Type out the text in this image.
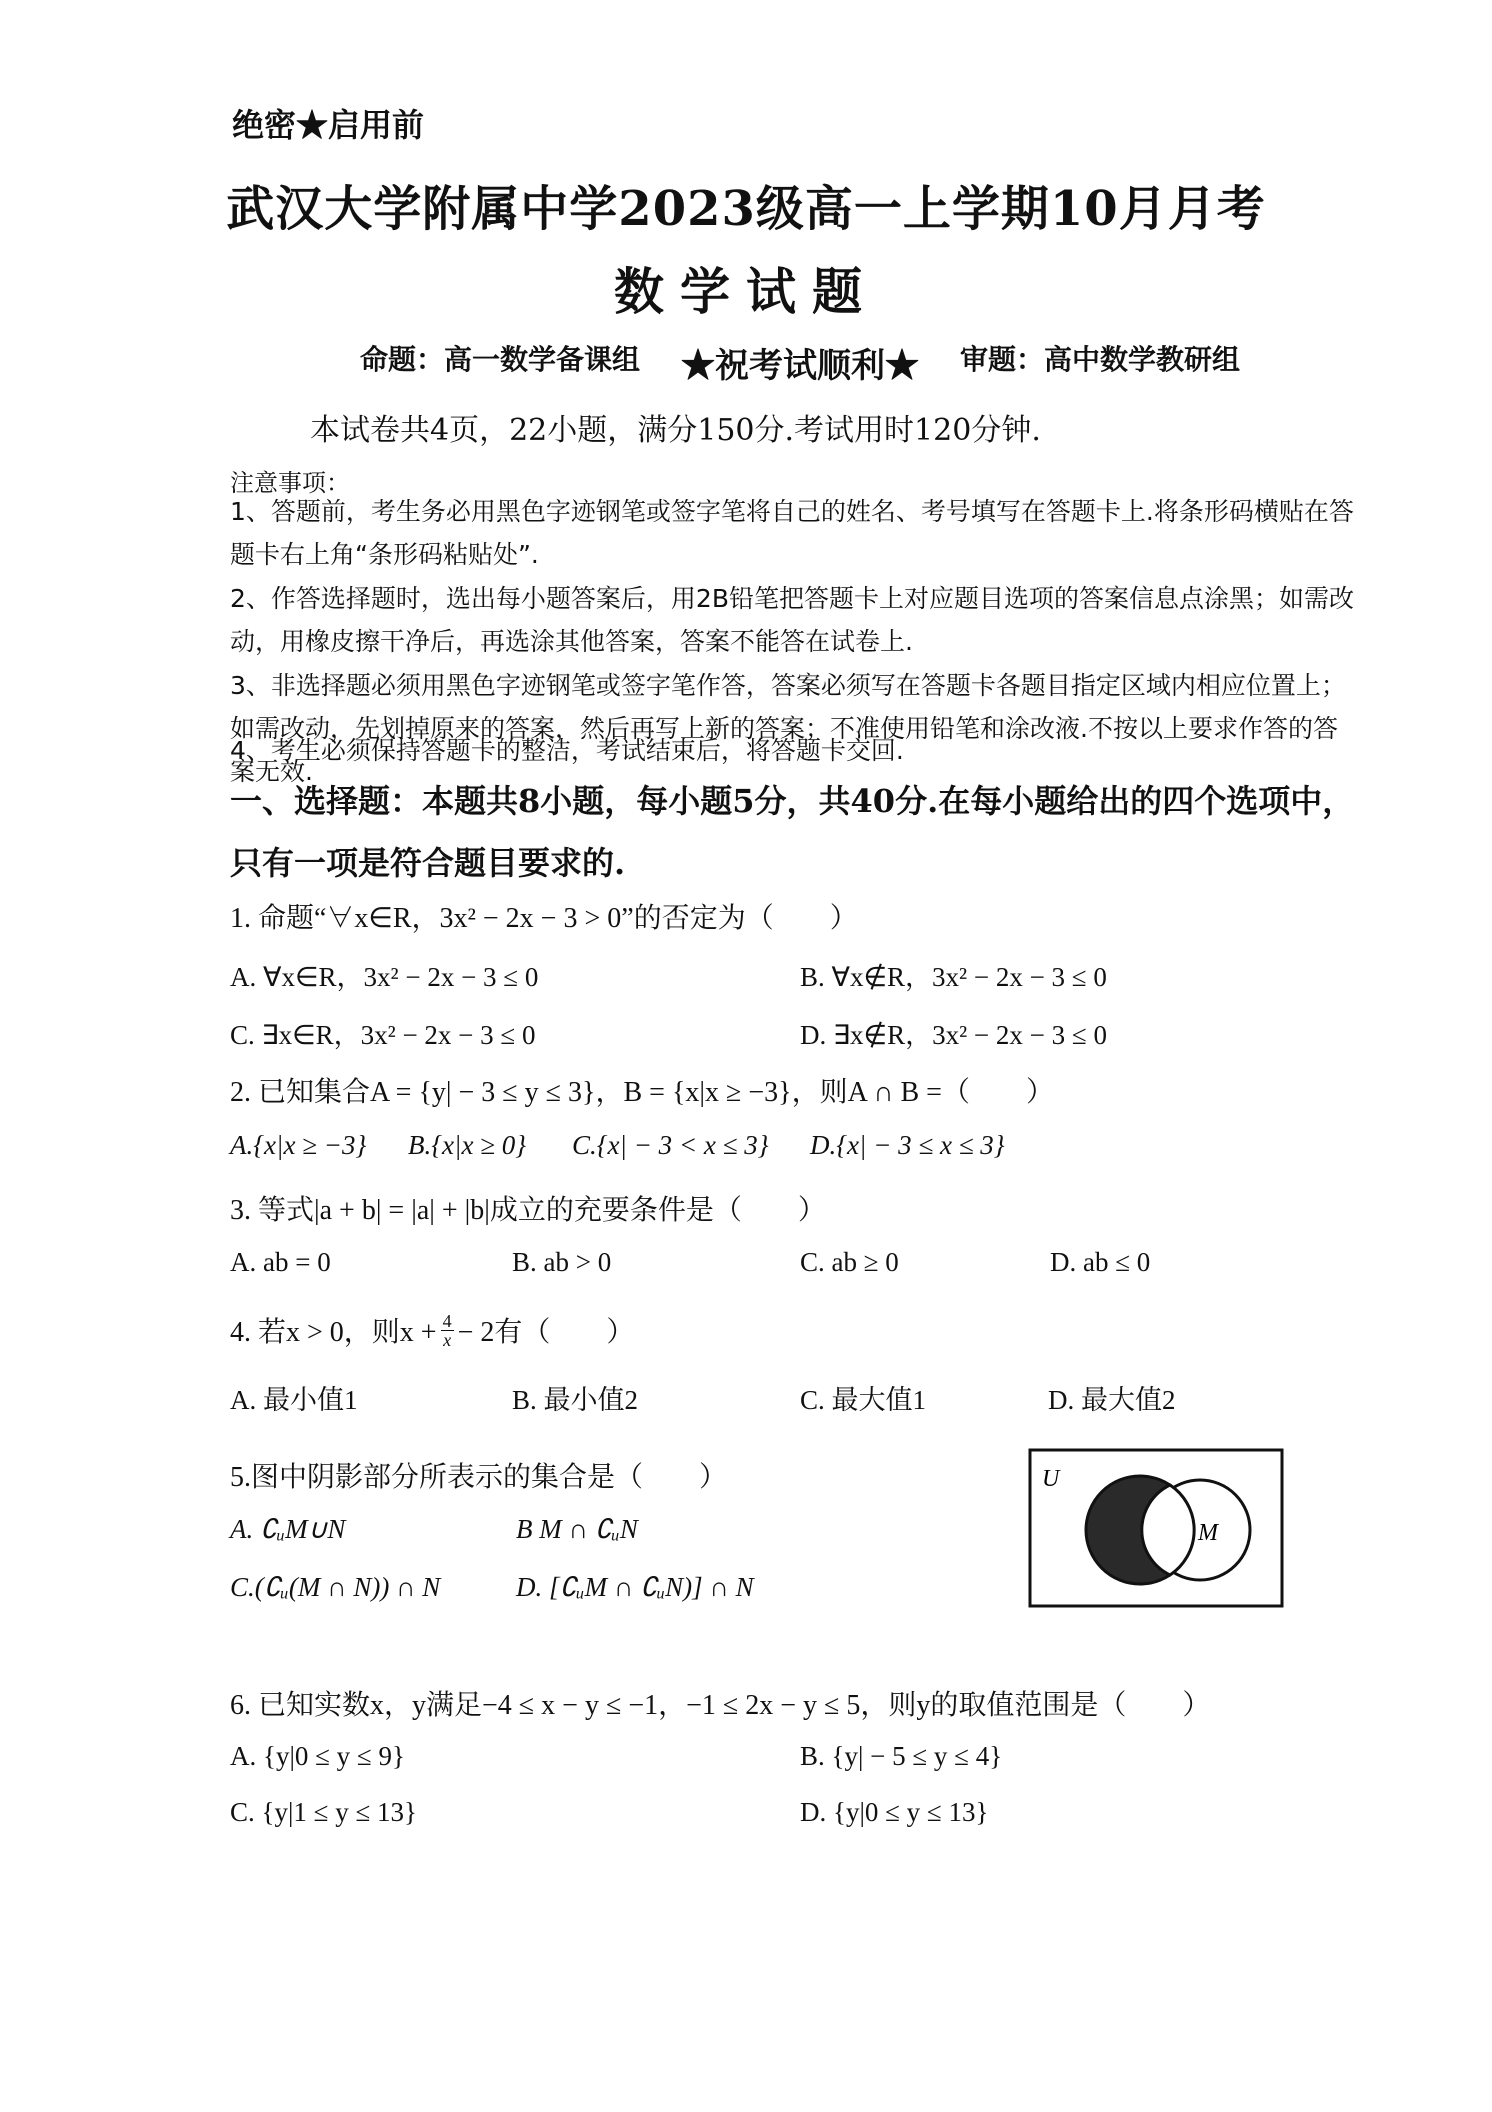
绝密★启用前
武汉大学附属中学2023级高一上学期10月月考
数学试题
命题：高一数学备课组 ★祝考试顺利★ 审题：高中数学教研组
本试卷共4页，22小题，满分150分.考试用时120分钟.
注意事项：
1、答题前，考生务必用黑色字迹钢笔或签字笔将自己的姓名、考号填写在答题卡上.将条形码横贴在答题卡右上角“条形码粘贴处”.
2、作答选择题时，选出每小题答案后，用2B铅笔把答题卡上对应题目选项的答案信息点涂黑；如需改动，用橡皮擦干净后，再选涂其他答案，答案不能答在试卷上.
3、非选择题必须用黑色字迹钢笔或签字笔作答，答案必须写在答题卡各题目指定区域内相应位置上；如需改动，先划掉原来的答案，然后再写上新的答案；不准使用铅笔和涂改液.不按以上要求作答的答案无效.
4、考生必须保持答题卡的整洁，考试结束后，将答题卡交回.
一、选择题：本题共8小题，每小题5分，共40分.在每小题给出的四个选项中，只有一项是符合题目要求的.
1. 命题“∀x∈R，3x² − 2x − 3 > 0”的否定为（　　）
A. ∀x∈R，3x² − 2x − 3 ≤ 0	B. ∀x∉R，3x² − 2x − 3 ≤ 0
C. ∃x∈R，3x² − 2x − 3 ≤ 0	D. ∃x∉R，3x² − 2x − 3 ≤ 0
2. 已知集合A = {y| − 3 ≤ y ≤ 3}，B = {x|x ≥ −3}，则A ∩ B =（　　）
A.{x|x ≥ −3} B.{x|x ≥ 0} C.{x| − 3 < x ≤ 3} D.{x| − 3 ≤ x ≤ 3}
3. 等式|a + b| = |a| + |b|成立的充要条件是（　　）
A. ab = 0	B. ab > 0	C. ab ≥ 0	D. ab ≤ 0
4. 若x > 0，则$x + \frac{4}{x} - 2$有（　　）
A. 最小值1	B. 最小值2	C. 最大值1	D. 最大值2
5.图中阴影部分所表示的集合是（　　）
A. ∁ᵤM∪N	B M ∩ ∁ᵤN
C.(∁ᵤ(M ∩ N)) ∩ N	D. [∁ᵤM ∩ ∁ᵤN)] ∩ N
U
M
6. 已知实数x，y满足−4 ≤ x − y ≤ −1，−1 ≤ 2x − y ≤ 5，则y的取值范围是（　　）
A. {y|0 ≤ y ≤ 9}	B. {y| − 5 ≤ y ≤ 4}
C. {y|1 ≤ y ≤ 13}	D. {y|0 ≤ y ≤ 13}
